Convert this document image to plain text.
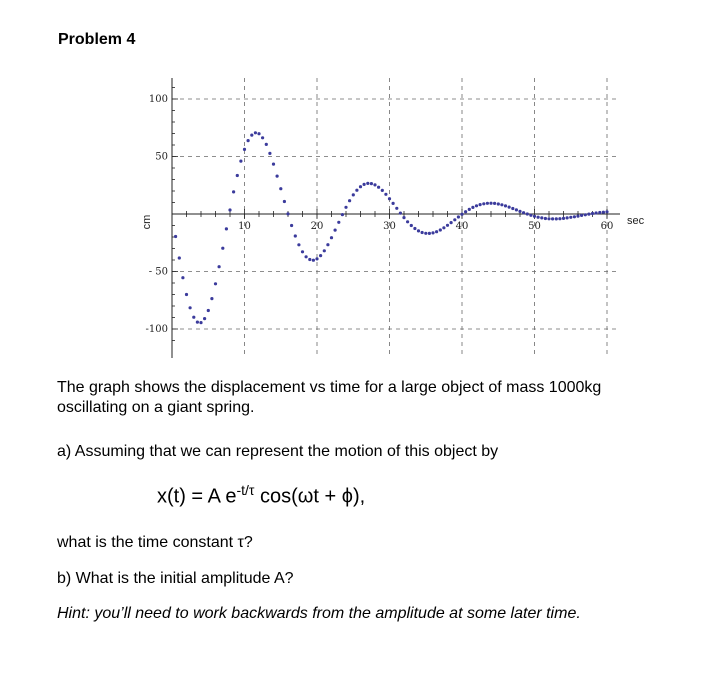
Problem 4
10	20	30	40	50	60
100
50
- 50
-100
sec
cm
The graph shows the displacement vs time for a large object of mass 1000kg
oscillating on a giant spring.
a) Assuming that we can represent the motion of this object by
x(t) = A $e^{-t/\tau}$ cos(ωt + ϕ),
what is the time constant τ?
b) What is the initial amplitude A?
Hint: you’ll need to work backwards from the amplitude at some later time.
